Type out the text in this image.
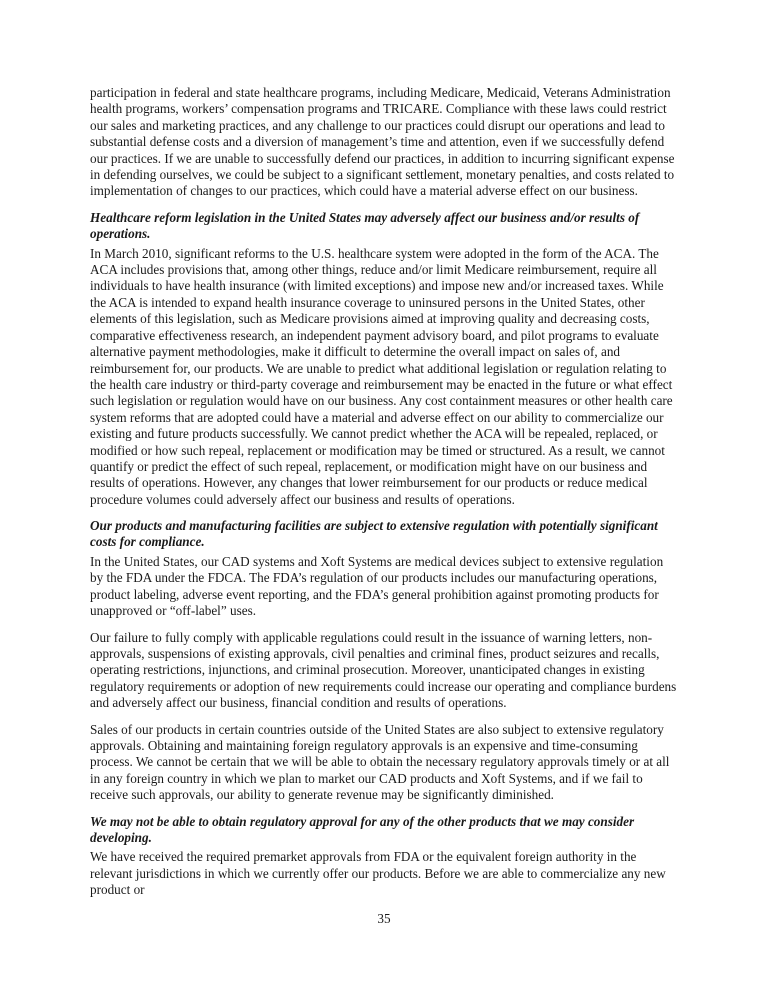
participation in federal and state healthcare programs, including Medicare, Medicaid, Veterans Administration health programs, workers’ compensation programs and TRICARE. Compliance with these laws could restrict our sales and marketing practices, and any challenge to our practices could disrupt our operations and lead to substantial defense costs and a diversion of management’s time and attention, even if we successfully defend our practices. If we are unable to successfully defend our practices, in addition to incurring significant expense in defending ourselves, we could be subject to a significant settlement, monetary penalties, and costs related to implementation of changes to our practices, which could have a material adverse effect on our business.

Healthcare reform legislation in the United States may adversely affect our business and/or results of operations.

In March 2010, significant reforms to the U.S. healthcare system were adopted in the form of the ACA. The ACA includes provisions that, among other things, reduce and/or limit Medicare reimbursement, require all individuals to have health insurance (with limited exceptions) and impose new and/or increased taxes. While the ACA is intended to expand health insurance coverage to uninsured persons in the United States, other elements of this legislation, such as Medicare provisions aimed at improving quality and decreasing costs, comparative effectiveness research, an independent payment advisory board, and pilot programs to evaluate alternative payment methodologies, make it difficult to determine the overall impact on sales of, and reimbursement for, our products. We are unable to predict what additional legislation or regulation relating to the health care industry or third-party coverage and reimbursement may be enacted in the future or what effect such legislation or regulation would have on our business. Any cost containment measures or other health care system reforms that are adopted could have a material and adverse effect on our ability to commercialize our existing and future products successfully. We cannot predict whether the ACA will be repealed, replaced, or modified or how such repeal, replacement or modification may be timed or structured. As a result, we cannot quantify or predict the effect of such repeal, replacement, or modification might have on our business and results of operations. However, any changes that lower reimbursement for our products or reduce medical procedure volumes could adversely affect our business and results of operations.

Our products and manufacturing facilities are subject to extensive regulation with potentially significant costs for compliance.

In the United States, our CAD systems and Xoft Systems are medical devices subject to extensive regulation by the FDA under the FDCA. The FDA’s regulation of our products includes our manufacturing operations, product labeling, adverse event reporting, and the FDA’s general prohibition against promoting products for unapproved or “off-label” uses.

Our failure to fully comply with applicable regulations could result in the issuance of warning letters, non-approvals, suspensions of existing approvals, civil penalties and criminal fines, product seizures and recalls, operating restrictions, injunctions, and criminal prosecution. Moreover, unanticipated changes in existing regulatory requirements or adoption of new requirements could increase our operating and compliance burdens and adversely affect our business, financial condition and results of operations.

Sales of our products in certain countries outside of the United States are also subject to extensive regulatory approvals. Obtaining and maintaining foreign regulatory approvals is an expensive and time-consuming process. We cannot be certain that we will be able to obtain the necessary regulatory approvals timely or at all in any foreign country in which we plan to market our CAD products and Xoft Systems, and if we fail to receive such approvals, our ability to generate revenue may be significantly diminished.

We may not be able to obtain regulatory approval for any of the other products that we may consider developing.

We have received the required premarket approvals from FDA or the equivalent foreign authority in the relevant jurisdictions in which we currently offer our products. Before we are able to commercialize any new product or

35
